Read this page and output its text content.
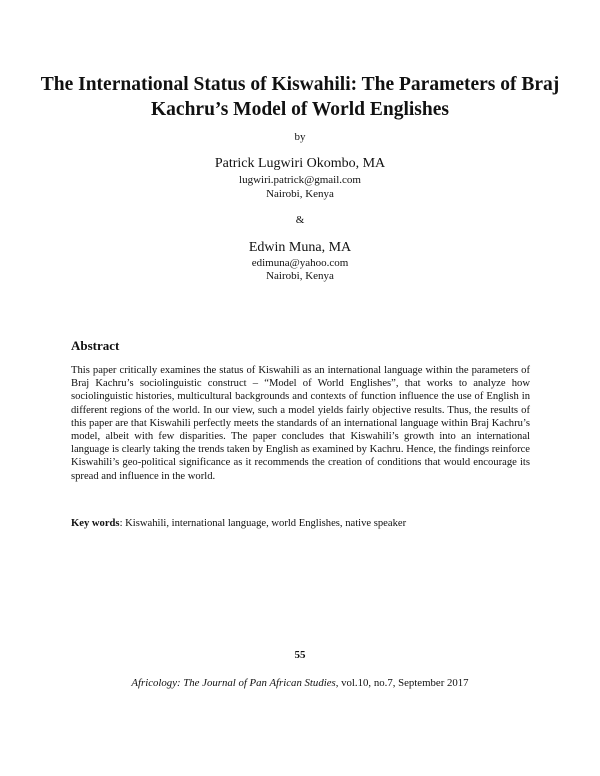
The International Status of Kiswahili: The Parameters of Braj Kachru’s Model of World Englishes

by

Patrick Lugwiri Okombo, MA

lugwiri.patrick@gmail.com

Nairobi, Kenya

&

Edwin Muna, MA

edimuna@yahoo.com

Nairobi, Kenya

Abstract

This paper critically examines the status of Kiswahili as an international language within the parameters of Braj Kachru’s sociolinguistic construct – “Model of World Englishes”, that works to analyze how sociolinguistic histories, multicultural backgrounds and contexts of function influence the use of English in different regions of the world. In our view, such a model yields fairly objective results. Thus, the results of this paper are that Kiswahili perfectly meets the standards of an international language within Braj Kachru’s model, albeit with few disparities. The paper concludes that Kiswahili’s growth into an international language is clearly taking the trends taken by English as examined by Kachru. Hence, the findings reinforce Kiswahili’s geo-political significance as it recommends the creation of conditions that would encourage its spread and influence in the world.

Key words: Kiswahili, international language, world Englishes, native speaker

55

Africology: The Journal of Pan African Studies, vol.10, no.7, September 2017
